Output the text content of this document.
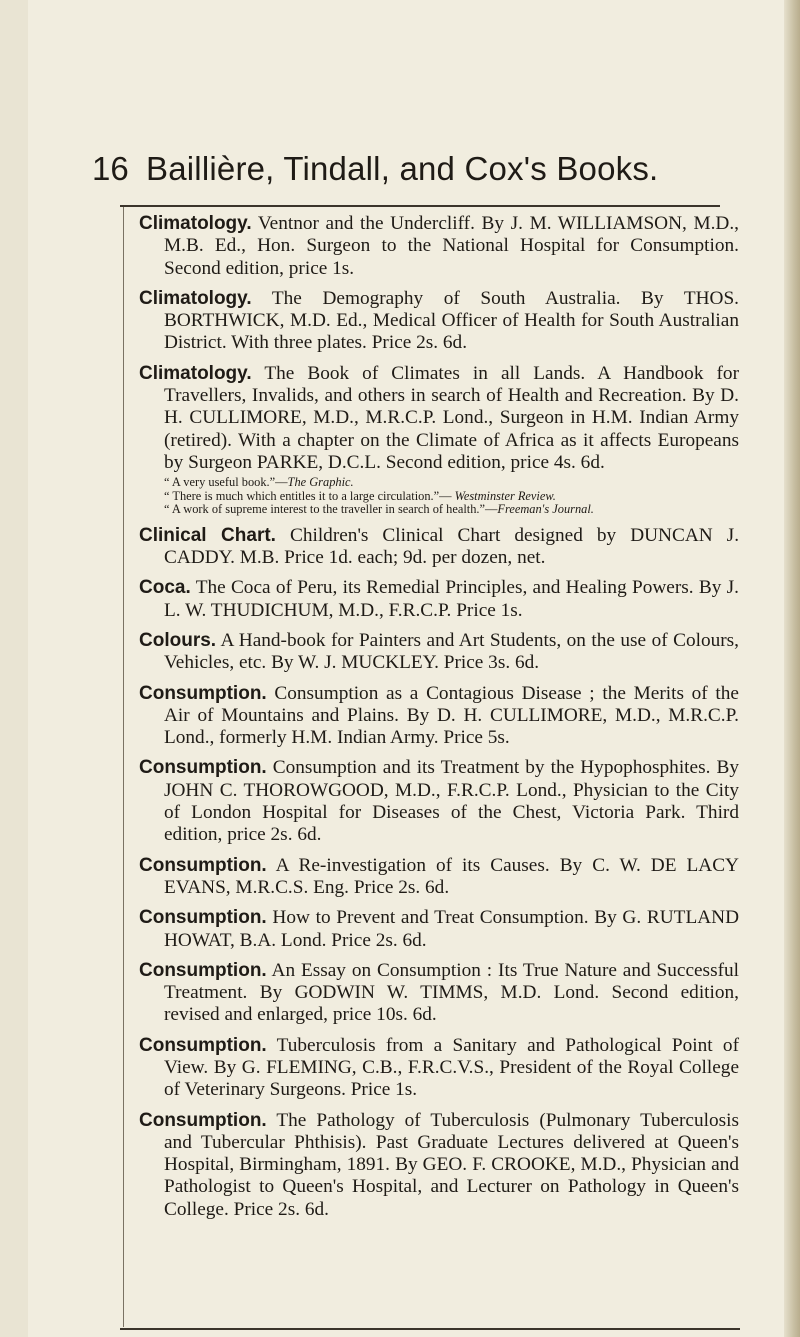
16 Baillière, Tindall, and Cox's Books.

Climatology. Ventnor and the Undercliff. By J. M. WILLIAMSON, M.D., M.B. Ed., Hon. Surgeon to the National Hospital for Consumption. Second edition, price 1s.

Climatology. The Demography of South Australia. By THOS. BORTHWICK, M.D. Ed., Medical Officer of Health for South Australian District. With three plates. Price 2s. 6d.

Climatology. The Book of Climates in all Lands. A Handbook for Travellers, Invalids, and others in search of Health and Recreation. By D. H. CULLIMORE, M.D., M.R.C.P. Lond., Surgeon in H.M. Indian Army (retired). With a chapter on the Climate of Africa as it affects Europeans by Surgeon PARKE, D.C.L. Second edition, price 4s. 6d.

“ A very useful book.”—The Graphic.
“ There is much which entitles it to a large circulation.”— Westminster Review.
“ A work of supreme interest to the traveller in search of health.”—Freeman's Journal.

Clinical Chart. Children's Clinical Chart designed by DUNCAN J. CADDY. M.B. Price 1d. each; 9d. per dozen, net.

Coca. The Coca of Peru, its Remedial Principles, and Healing Powers. By J. L. W. THUDICHUM, M.D., F.R.C.P. Price 1s.

Colours. A Hand-book for Painters and Art Students, on the use of Colours, Vehicles, etc. By W. J. MUCKLEY. Price 3s. 6d.

Consumption. Consumption as a Contagious Disease ; the Merits of the Air of Mountains and Plains. By D. H. CULLIMORE, M.D., M.R.C.P. Lond., formerly H.M. Indian Army. Price 5s.

Consumption. Consumption and its Treatment by the Hypophosphites. By JOHN C. THOROWGOOD, M.D., F.R.C.P. Lond., Physician to the City of London Hospital for Diseases of the Chest, Victoria Park. Third edition, price 2s. 6d.

Consumption. A Re-investigation of its Causes. By C. W. DE LACY EVANS, M.R.C.S. Eng. Price 2s. 6d.

Consumption. How to Prevent and Treat Consumption. By G. RUTLAND HOWAT, B.A. Lond. Price 2s. 6d.

Consumption. An Essay on Consumption : Its True Nature and Successful Treatment. By GODWIN W. TIMMS, M.D. Lond. Second edition, revised and enlarged, price 10s. 6d.

Consumption. Tuberculosis from a Sanitary and Pathological Point of View. By G. FLEMING, C.B., F.R.C.V.S., President of the Royal College of Veterinary Surgeons. Price 1s.

Consumption. The Pathology of Tuberculosis (Pulmonary Tuberculosis and Tubercular Phthisis). Past Graduate Lectures delivered at Queen's Hospital, Birmingham, 1891. By GEO. F. CROOKE, M.D., Physician and Pathologist to Queen's Hospital, and Lecturer on Pathology in Queen's College. Price 2s. 6d.
